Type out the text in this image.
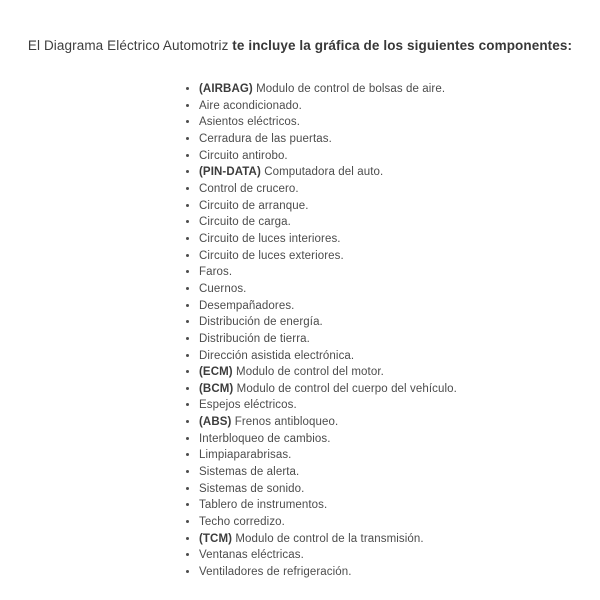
El Diagrama Eléctrico Automotriz te incluye la gráfica de los siguientes componentes:
• (AIRBAG) Modulo de control de bolsas de aire.
• Aire acondicionado.
• Asientos eléctricos.
• Cerradura de las puertas.
• Circuito antirobo.
• (PIN-DATA) Computadora del auto.
• Control de crucero.
• Circuito de arranque.
• Circuito de carga.
• Circuito de luces interiores.
• Circuito de luces exteriores.
• Faros.
• Cuernos.
• Desempañadores.
• Distribución de energía.
• Distribución de tierra.
• Dirección asistida electrónica.
• (ECM) Modulo de control del motor.
• (BCM) Modulo de control del cuerpo del vehículo.
• Espejos eléctricos.
• (ABS) Frenos antibloqueo.
• Interbloqueo de cambios.
• Limpiaparabrisas.
• Sistemas de alerta.
• Sistemas de sonido.
• Tablero de instrumentos.
• Techo corredizo.
• (TCM) Modulo de control de la transmisión.
• Ventanas eléctricas.
• Ventiladores de refrigeración.
